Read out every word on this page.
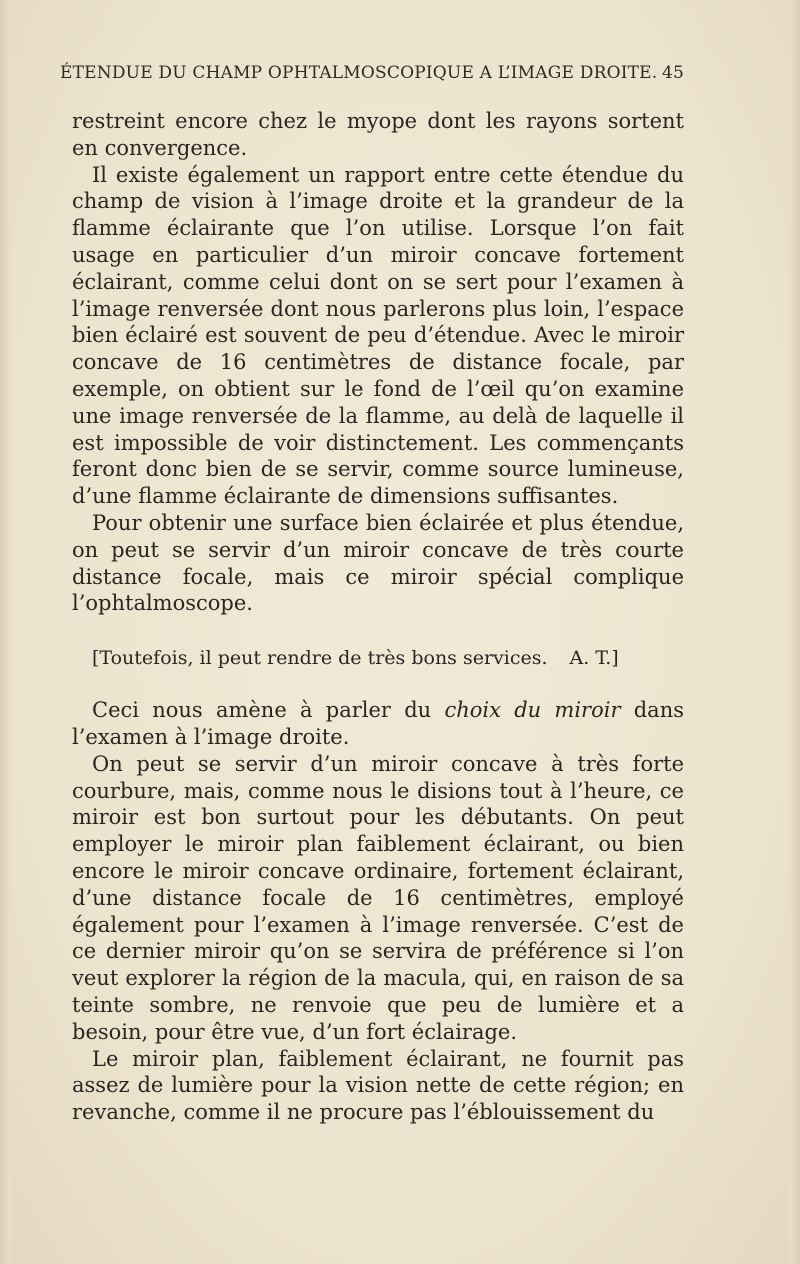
ÉTENDUE DU CHAMP OPHTALMOSCOPIQUE A L’IMAGE DROITE. 45

restreint encore chez le myope dont les rayons sortent en convergence.

Il existe également un rapport entre cette étendue du champ de vision à l’image droite et la grandeur de la flamme éclairante que l’on utilise. Lorsque l’on fait usage en particulier d’un miroir concave fortement éclairant, comme celui dont on se sert pour l’examen à l’image renversée dont nous parlerons plus loin, l’espace bien éclairé est souvent de peu d’étendue. Avec le miroir concave de 16 centimètres de distance focale, par exemple, on obtient sur le fond de l’œil qu’on examine une image renversée de la flamme, au delà de laquelle il est impossible de voir distinctement. Les commençants feront donc bien de se servir, comme source lumineuse, d’une flamme éclairante de dimensions suffisantes.

Pour obtenir une surface bien éclairée et plus étendue, on peut se servir d’un miroir concave de très courte distance focale, mais ce miroir spécial complique l’ophtalmoscope.

[Toutefois, il peut rendre de très bons services. A. T.]

Ceci nous amène à parler du choix du miroir dans l’examen à l’image droite.

On peut se servir d’un miroir concave à très forte courbure, mais, comme nous le disions tout à l’heure, ce miroir est bon surtout pour les débutants. On peut employer le miroir plan faiblement éclairant, ou bien encore le miroir concave ordinaire, fortement éclairant, d’une distance focale de 16 centimètres, employé également pour l’examen à l’image renversée. C’est de ce dernier miroir qu’on se servira de préférence si l’on veut explorer la région de la macula, qui, en raison de sa teinte sombre, ne renvoie que peu de lumière et a besoin, pour être vue, d’un fort éclairage.

Le miroir plan, faiblement éclairant, ne fournit pas assez de lumière pour la vision nette de cette région; en revanche, comme il ne procure pas l’éblouissement du
